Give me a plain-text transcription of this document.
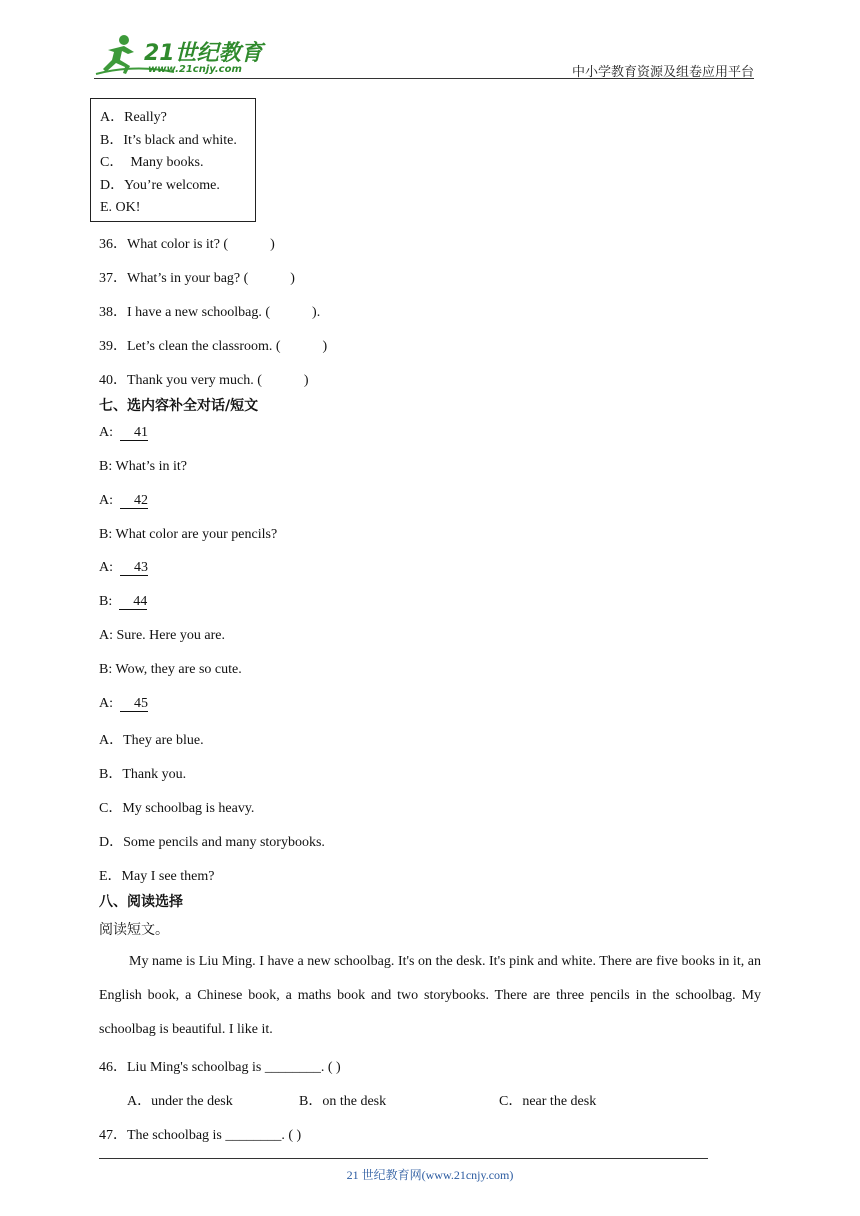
21世纪教育
www.21cnjy.com	中小学教育资源及组卷应用平台
A．Really?
B．It’s black and white.
C．  Many books.
D．You’re welcome.
E. OK!
36．What color is it? (            )
37．What’s in your bag? (            )
38．I have a new schoolbag. (            ).
39．Let’s clean the classroom. (            )
40．Thank you very much. (            )
七、选内容补全对话/短文
A: 41
B: What’s in it?
A: 42
B: What color are your pencils?
A: 43
B: 44
A: Sure. Here you are.
B: Wow, they are so cute.
A: 45
A．They are blue.
B．Thank you.
C．My schoolbag is heavy.
D．Some pencils and many storybooks.
E．May I see them?
八、阅读选择
阅读短文。
My name is Liu Ming. I have a new schoolbag. It's on the desk. It's pink and white. There are five books in it, an English book, a Chinese book, a maths book and two storybooks. There are three pencils in the schoolbag. My schoolbag is beautiful. I like it.
46．Liu Ming's schoolbag is ________. ( )
A．under the desk	B．on the desk	C．near the desk
47．The schoolbag is ________. ( )
21 世纪教育网(www.21cnjy.com)
